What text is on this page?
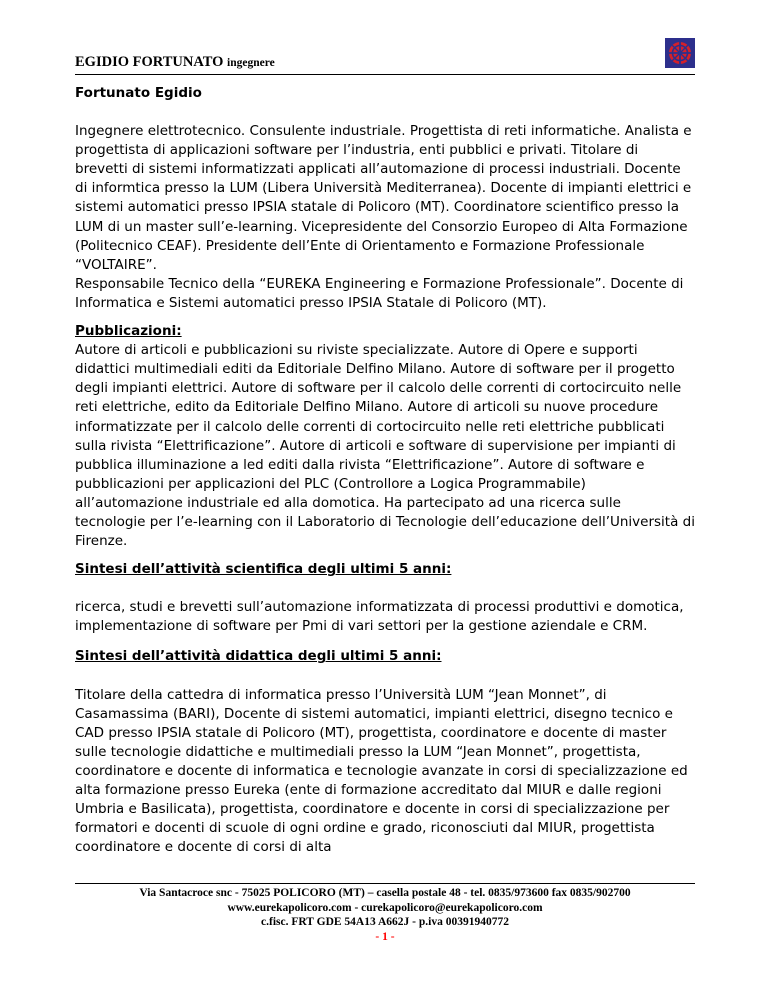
EGIDIO FORTUNATO ingegnere

Fortunato Egidio

Ingegnere elettrotecnico. Consulente industriale. Progettista di reti informatiche. Analista e progettista di applicazioni software per l’industria, enti pubblici e privati. Titolare di brevetti di sistemi informatizzati applicati all’automazione di processi industriali. Docente di informtica presso la LUM (Libera Università Mediterranea). Docente di impianti elettrici e sistemi automatici presso IPSIA statale di Policoro (MT). Coordinatore scientifico presso la LUM di un master sull’e-learning. Vicepresidente del Consorzio Europeo di Alta Formazione (Politecnico CEAF). Presidente dell’Ente di Orientamento e Formazione Professionale “VOLTAIRE”.

Responsabile Tecnico della “EUREKA Engineering e Formazione Professionale”. Docente di Informatica e Sistemi automatici presso IPSIA Statale di Policoro (MT).

Pubblicazioni:

Autore di articoli e pubblicazioni su riviste specializzate. Autore di Opere e supporti didattici multimediali editi da Editoriale Delfino Milano. Autore di software per il progetto degli impianti elettrici. Autore di software per il calcolo delle correnti di cortocircuito nelle reti elettriche, edito da Editoriale Delfino Milano. Autore di articoli su nuove procedure informatizzate per il calcolo delle correnti di cortocircuito nelle reti elettriche pubblicati sulla rivista “Elettrificazione”. Autore di articoli e software di supervisione per impianti di pubblica illuminazione a led editi dalla rivista “Elettrificazione”. Autore di software e pubblicazioni per applicazioni del PLC (Controllore a Logica Programmabile) all’automazione industriale ed alla domotica. Ha partecipato ad una ricerca sulle tecnologie per l’e-learning con il Laboratorio di Tecnologie dell’educazione dell’Università di Firenze.

Sintesi dell’attività scientifica degli ultimi 5 anni:

ricerca, studi e brevetti sull’automazione informatizzata di processi produttivi e domotica, implementazione di software per Pmi di vari settori per la gestione aziendale e CRM.

Sintesi dell’attività didattica degli ultimi 5 anni:

Titolare della cattedra di informatica presso l’Università LUM “Jean Monnet”, di Casamassima (BARI), Docente di sistemi automatici, impianti elettrici, disegno tecnico e CAD presso IPSIA statale di Policoro (MT), progettista, coordinatore e docente di master sulle tecnologie didattiche e multimediali presso la LUM “Jean Monnet”, progettista, coordinatore e docente di informatica e tecnologie avanzate in corsi di specializzazione ed alta formazione presso Eureka (ente di formazione accreditato dal MIUR e dalle regioni Umbria e Basilicata), progettista, coordinatore e docente in corsi di specializzazione per formatori e docenti di scuole di ogni ordine e grado, riconosciuti dal MIUR, progettista coordinatore e docente di corsi di alta

Via Santacroce snc - 75025 POLICORO (MT) – casella postale 48 - tel. 0835/973600 fax 0835/902700
www.eurekapolicoro.com - curekapolicoro@eurekapolicoro.com
c.fisc. FRT GDE 54A13 A662J - p.iva 00391940772
- 1 -
